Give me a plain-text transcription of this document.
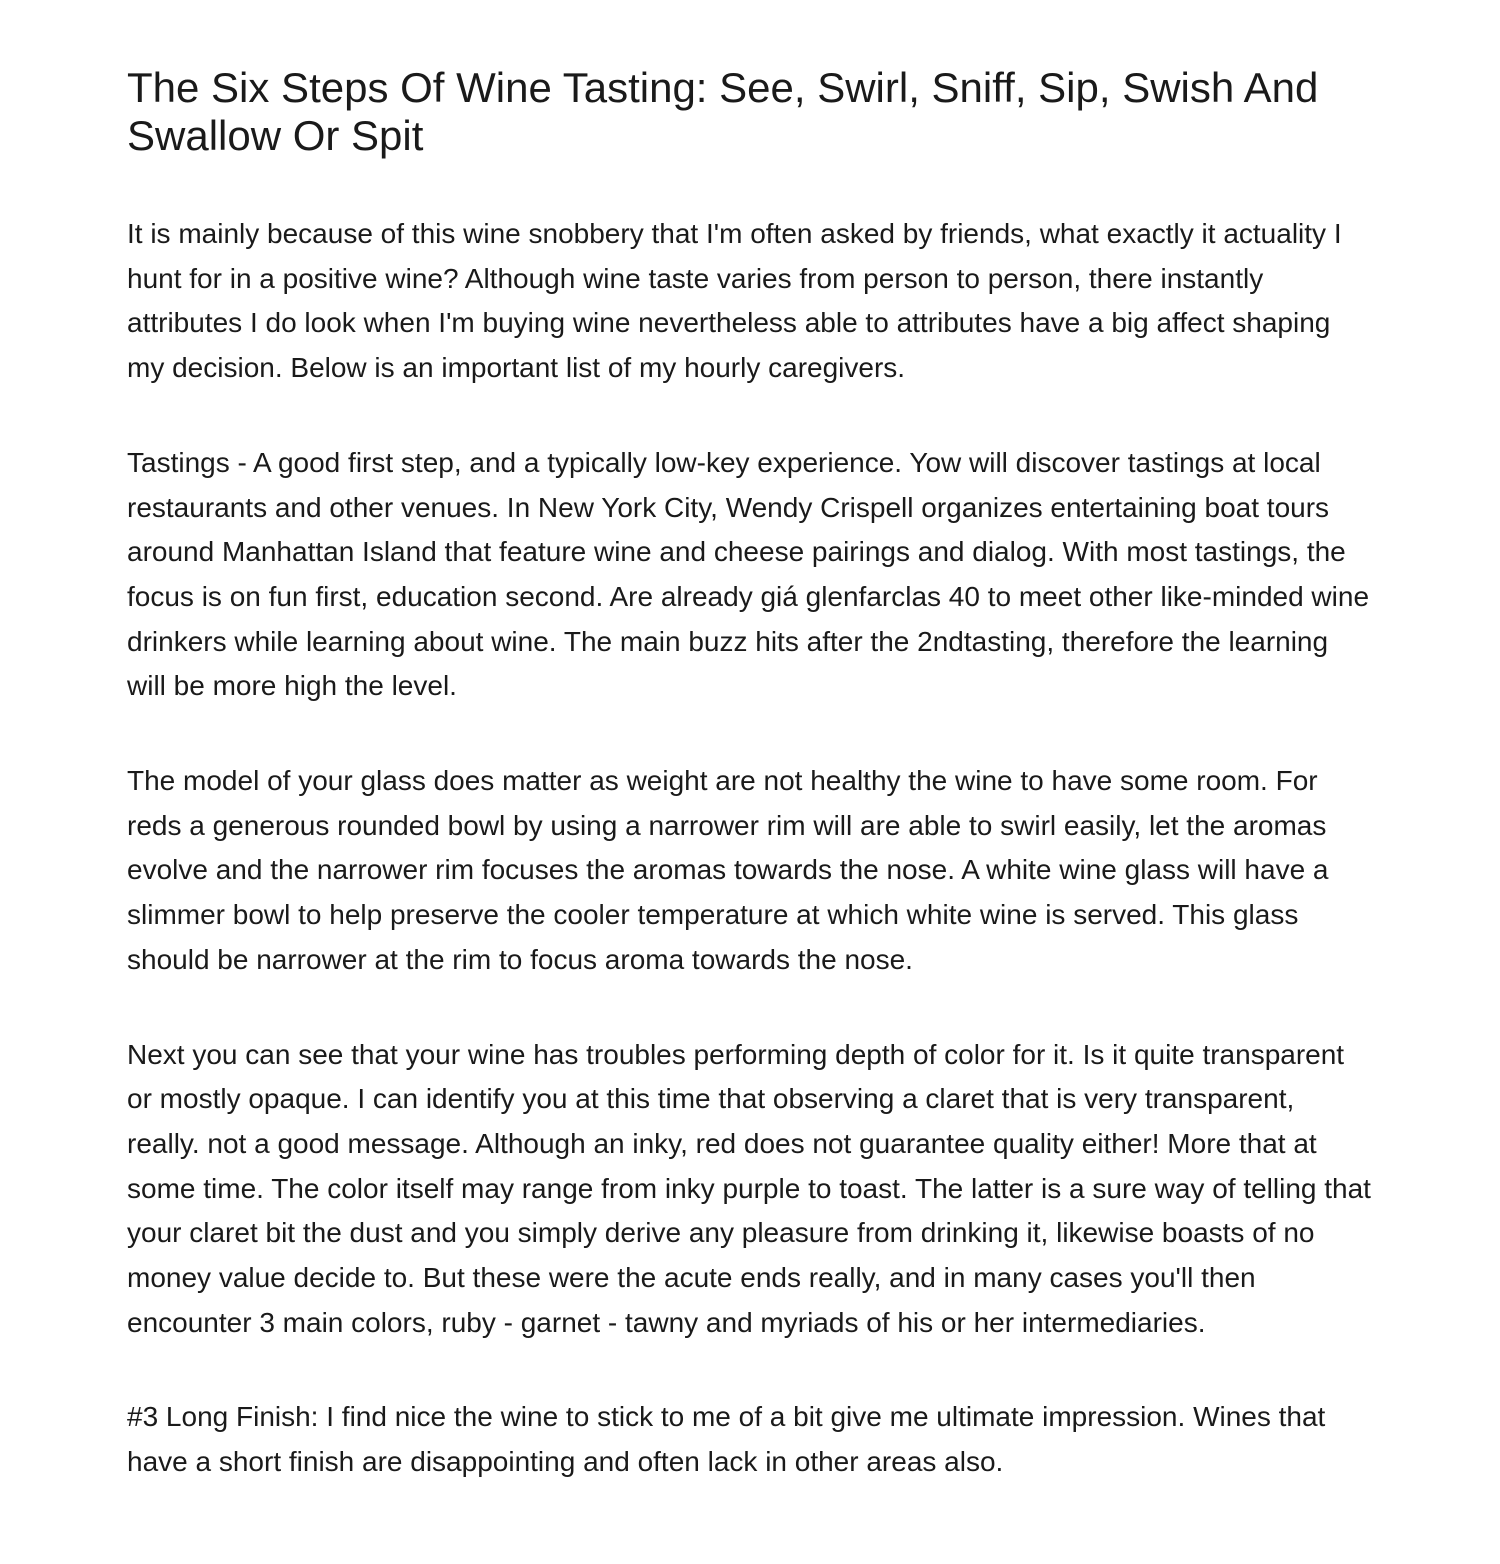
The Six Steps Of Wine Tasting: See, Swirl, Sniff, Sip, Swish And Swallow Or Spit

It is mainly because of this wine snobbery that I'm often asked by friends, what exactly it actuality I hunt for in a positive wine? Although wine taste varies from person to person, there instantly attributes I do look when I'm buying wine nevertheless able to attributes have a big affect shaping my decision. Below is an important list of my hourly caregivers.

Tastings - A good first step, and a typically low-key experience. Yow will discover tastings at local restaurants and other venues. In New York City, Wendy Crispell organizes entertaining boat tours around Manhattan Island that feature wine and cheese pairings and dialog. With most tastings, the focus is on fun first, education second. Are already giá glenfarclas 40 to meet other like-minded wine drinkers while learning about wine. The main buzz hits after the 2ndtasting, therefore the learning will be more high the level.

The model of your glass does matter as weight are not healthy the wine to have some room. For reds a generous rounded bowl by using a narrower rim will are able to swirl easily, let the aromas evolve and the narrower rim focuses the aromas towards the nose. A white wine glass will have a slimmer bowl to help preserve the cooler temperature at which white wine is served. This glass should be narrower at the rim to focus aroma towards the nose.

Next you can see that your wine has troubles performing depth of color for it. Is it quite transparent or mostly opaque. I can identify you at this time that observing a claret that is very transparent, really. not a good message. Although an inky, red does not guarantee quality either! More that at some time. The color itself may range from inky purple to toast. The latter is a sure way of telling that your claret bit the dust and you simply derive any pleasure from drinking it, likewise boasts of no money value decide to. But these were the acute ends really, and in many cases you'll then encounter 3 main colors, ruby - garnet - tawny and myriads of his or her intermediaries.

#3 Long Finish: I find nice the wine to stick to me of a bit give me ultimate impression. Wines that have a short finish are disappointing and often lack in other areas also.
